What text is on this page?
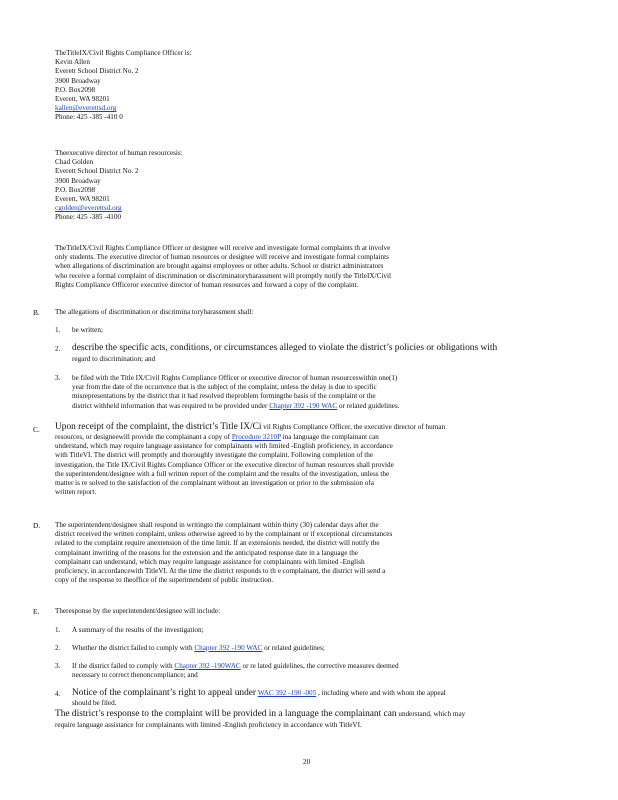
TheTitleIX/Civil Rights Compliance Officer is:
Kevin Allen
Everett School District No. 2
3900 Broadway
P.O. Box2098
Everett, WA 98201
kallen@everettsd.org
Phone: 425 -385 -410 0
Theexecutive director of human resourcesis:
Chad Golden
Everett School District No. 2
3900 Broadway
P.O. Box2098
Everett, WA 98201
cgolden@everettsd.org
Phone: 425 -385 -4100
TheTitleIX/Civil Rights Compliance Officer or designee will receive and investigate formal complaints th at involve
only students. The executive director of human resources or designee will receive and investigate formal complaints
when allegations of discrimination are brought against employees or other adults. School or district administrators
who receive a formal complaint of discrimination or discriminatoryharassment will promptly notify the TitleIX/Civil
Rights Compliance Officeror executive director of human resources and forward a copy of the complaint.
B. The allegations of discrimination or discrimina toryharassment shall:
1. be written;
2. describe the specific acts, conditions, or circumstances alleged to violate the district’s policies or obligations with
regard to discrimination; and
3. be filed with the Title IX/Civil Rights Compliance Officer or executive director of human resourceswithin one(1)
year from the date of the occurrence that is the subject of the complaint, unless the delay is due to specific
misrepresentations by the district that it had resolved theproblem formingthe basis of the complaint or the
district withheld information that was required to be provided under Chapter 392 -190 WAC or related guidelines.
C. Upon receipt of the complaint, the district’s Title IX/Ci vil Rights Compliance Officer, the executive director of human
resources, or designeewill provide the complainant a copy of Procedure 3210P ina language the complainant can
understand, which may require language assistance for complainants with limited -English proficiency, in accordance
with TitleVI. The district will promptly and thoroughly investigate the complaint. Following completion of the
investigation, the Title IX/Civil Rights Compliance Officer or the executive director of human resources shall provide
the superintendent/designee with a full written report of the complaint and the results of the investigation, unless the
matter is re solved to the satisfaction of the complainant without an investigation or prior to the submission ofa
written report.
D. The superintendent/designee shall respond in writingto the complainant within thirty (30) calendar days after the
district received the written complaint, unless otherwise agreed to by the complainant or if exceptional circumstances
related to the complaint require anextension of the time limit. If an extensionis needed, the district will notify the
complainant inwriting of the reasons for the extension and the anticipated response date in a language the
complainant can understand, which may require language assistance for complainants with limited -English
proficiency, in accordancewith TitleVI. At the time the district responds to th e complainant, the district will send a
copy of the response to theoffice of the superintendent of public instruction.
E. Theresponse by the superintendent/designee will include:
1. A summary of the results of the investigation;
2. Whether the district failed to comply with Chapter 392 -190 WAC or related guidelines;
3. If the district failed to comply with Chapter 392 -190WAC or re lated guidelines, the corrective measures deemed
necessary to correct thenoncompliance; and
4. Notice of the complainant’s right to appeal under WAC 392 -190 -005 , including where and with whom the appeal
should be filed.
The district’s response to the complaint will be provided in a language the complainant can understand, which may
require language assistance for complainants with limited -English proficiency in accordance with TitleVI.
20
